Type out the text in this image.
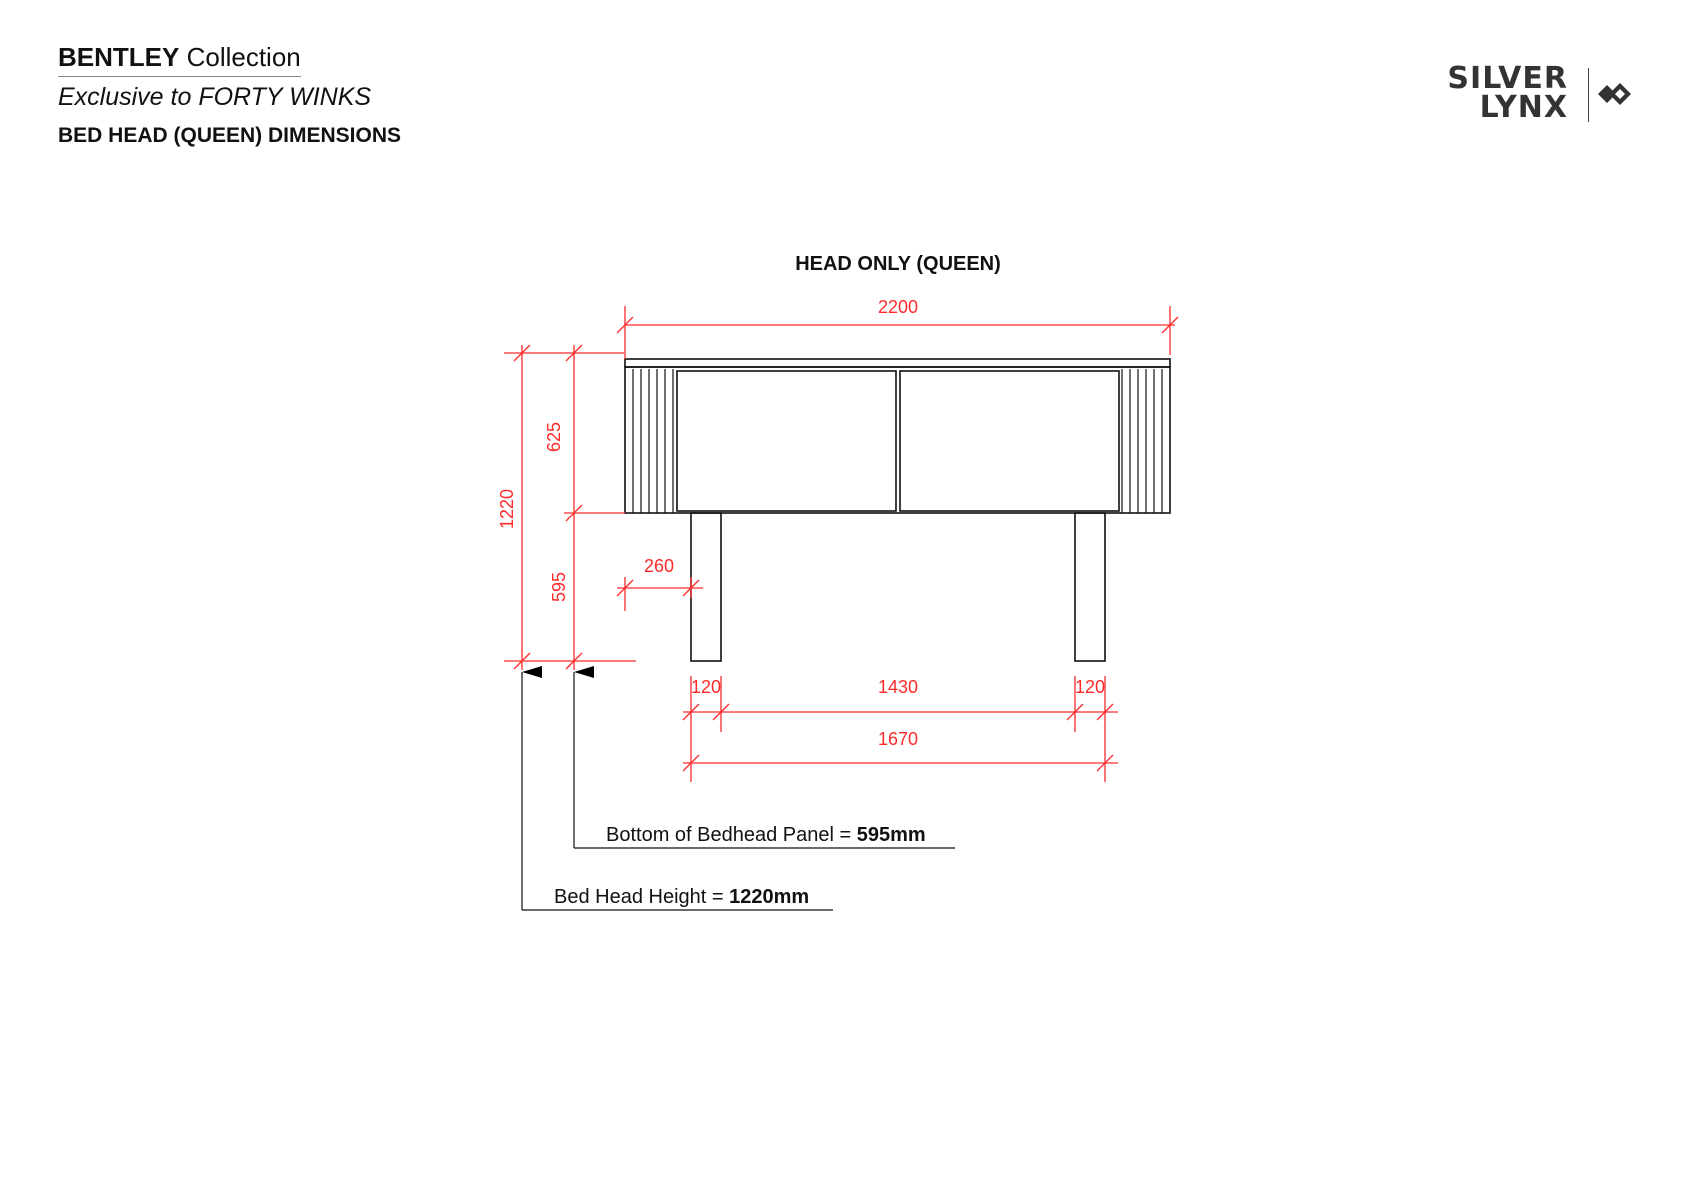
BENTLEY Collection
Exclusive to FORTY WINKS
BED HEAD (QUEEN) DIMENSIONS
SILVER
LYNX
HEAD ONLY (QUEEN)
2200
1220
625
595
260
120	1430	120
1670
Bottom of Bedhead Panel = 595mm
Bed Head Height = 1220mm
